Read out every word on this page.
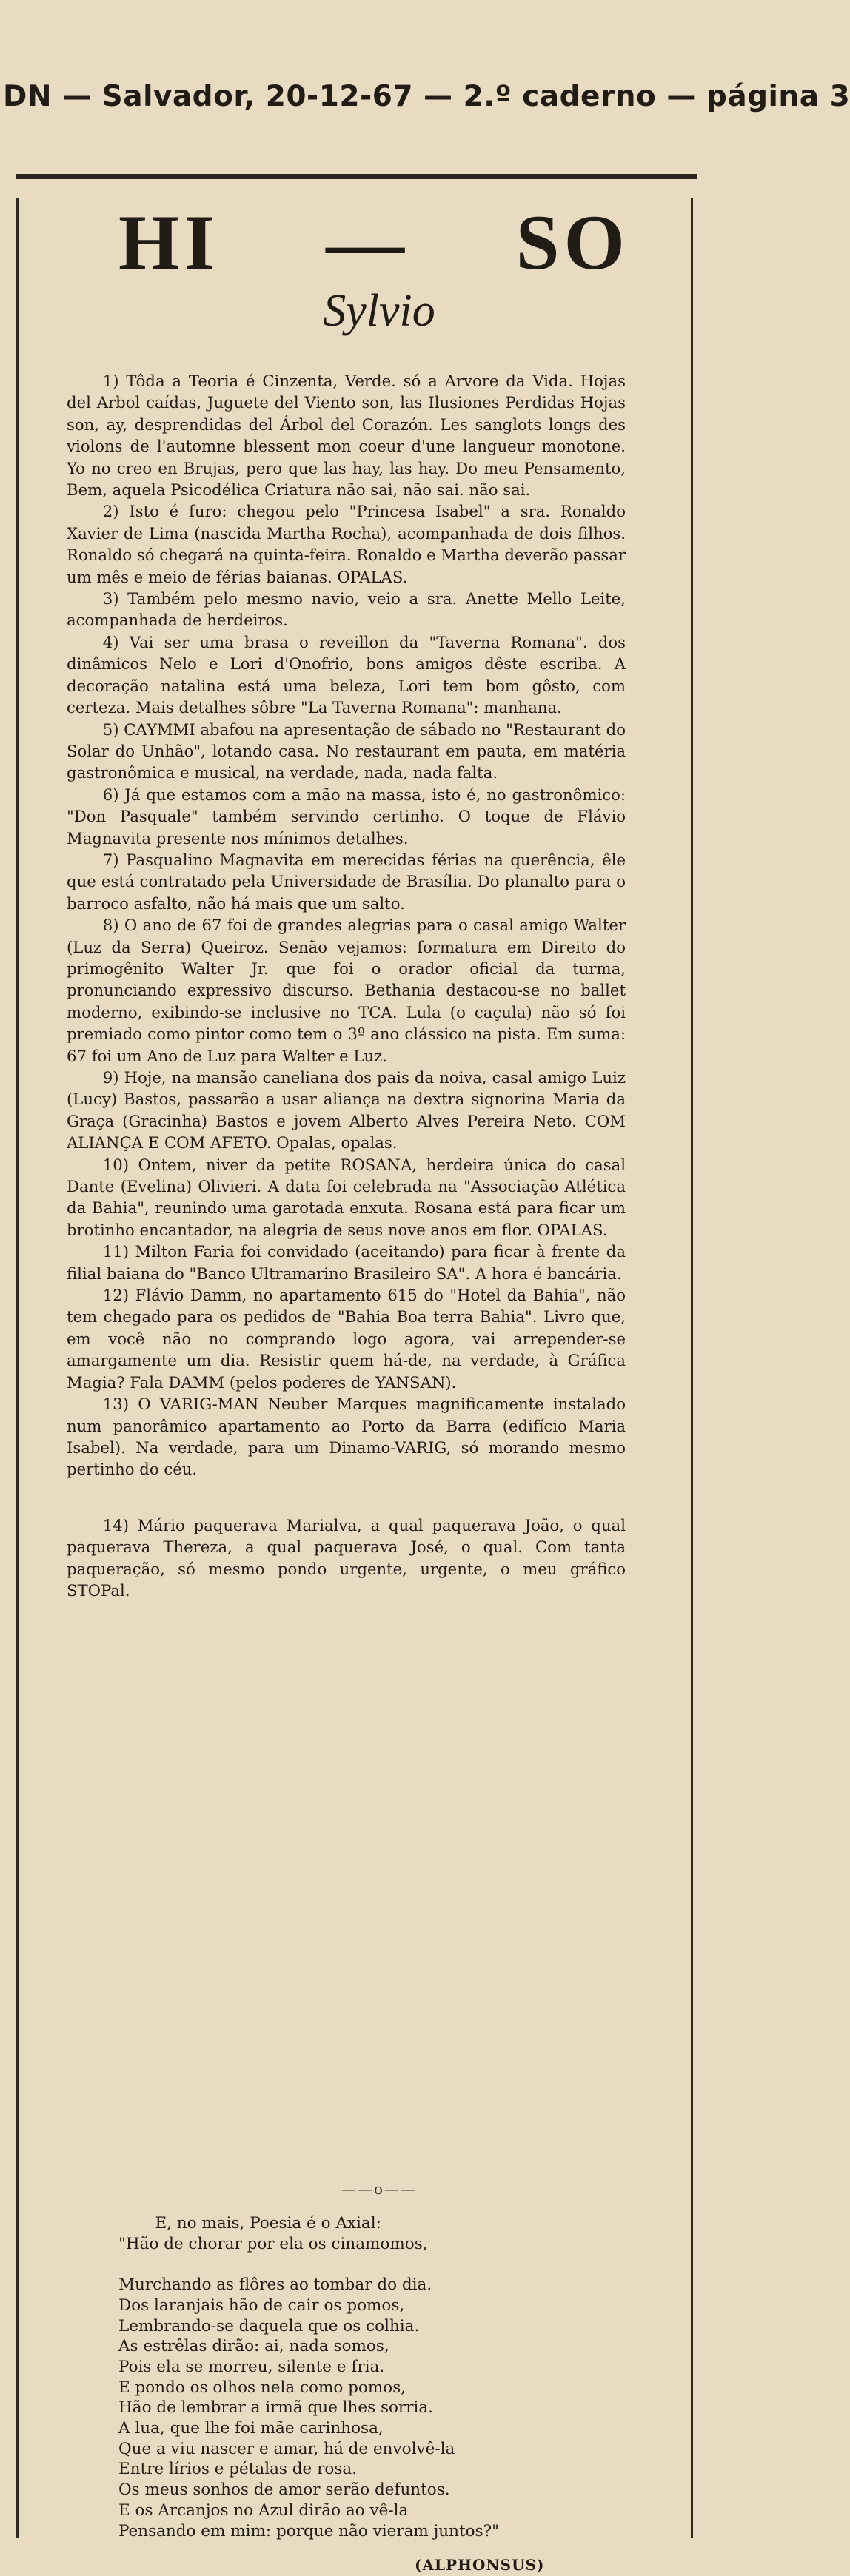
DN — Salvador, 20-12-67 — 2.º caderno — página 3
HI — SO
Sylvio

1) Tôda a Teoria é Cinzenta, Verde. só a Arvore da Vida. Hojas del Arbol caídas, Juguete del Viento son, las Ilusiones Perdidas Hojas son, ay, desprendidas del Árbol del Corazón. Les sanglots longs des violons de l'automne blessent mon coeur d'une langueur monotone. Yo no creo en Brujas, pero que las hay, las hay. Do meu Pensamento, Bem, aquela Psicodélica Criatura não sai, não sai. não sai.

2) Isto é furo: chegou pelo "Princesa Isabel" a sra. Ronaldo Xavier de Lima (nascida Martha Rocha), acompanhada de dois filhos. Ronaldo só chegará na quinta-feira. Ronaldo e Martha deverão passar um mês e meio de férias baianas. OPALAS.

3) Também pelo mesmo navio, veio a sra. Anette Mello Leite, acompanhada de herdeiros.

4) Vai ser uma brasa o reveillon da "Taverna Romana". dos dinâmicos Nelo e Lori d'Onofrio, bons amigos dêste escriba. A decoração natalina está uma beleza, Lori tem bom gôsto, com certeza. Mais detalhes sôbre "La Taverna Romana": manhana.

5) CAYMMI abafou na apresentação de sábado no "Restaurant do Solar do Unhão", lotando casa. No restaurant em pauta, em matéria gastronômica e musical, na verdade, nada, nada falta.

6) Já que estamos com a mão na massa, isto é, no gastronômico: "Don Pasquale" também servindo certinho. O toque de Flávio Magnavita presente nos mínimos detalhes.

7) Pasqualino Magnavita em merecidas férias na querência, êle que está contratado pela Universidade de Brasília. Do planalto para o barroco asfalto, não há mais que um salto.

8) O ano de 67 foi de grandes alegrias para o casal amigo Walter (Luz da Serra) Queiroz. Senão vejamos: formatura em Direito do primogênito Walter Jr. que foi o orador oficial da turma, pronunciando expressivo discurso. Bethania destacou-se no ballet moderno, exibindo-se inclusive no TCA. Lula (o caçula) não só foi premiado como pintor como tem o 3º ano clássico na pista. Em suma: 67 foi um Ano de Luz para Walter e Luz.

9) Hoje, na mansão caneliana dos pais da noiva, casal amigo Luiz (Lucy) Bastos, passarão a usar aliança na dextra signorina Maria da Graça (Gracinha) Bastos e jovem Alberto Alves Pereira Neto. COM ALIANÇA E COM AFETO. Opalas, opalas.

10) Ontem, niver da petite ROSANA, herdeira única do casal Dante (Evelina) Olivieri. A data foi celebrada na "Associação Atlética da Bahia", reunindo uma garotada enxuta. Rosana está para ficar um brotinho encantador, na alegria de seus nove anos em flor. OPALAS.

11) Milton Faria foi convidado (aceitando) para ficar à frente da filial baiana do "Banco Ultramarino Brasileiro SA". A hora é bancária.

12) Flávio Damm, no apartamento 615 do "Hotel da Bahia", não tem chegado para os pedidos de "Bahia Boa terra Bahia". Livro que, em você não no comprando logo agora, vai arrepender-se amargamente um dia. Resistir quem há-de, na verdade, à Gráfica Magia? Fala DAMM (pelos poderes de YANSAN).

13) O VARIG-MAN Neuber Marques magnificamente instalado num panorâmico apartamento ao Porto da Barra (edifício Maria Isabel). Na verdade, para um Dinamo-VARIG, só morando mesmo pertinho do céu.

14) Mário paquerava Marialva, a qual paquerava João, o qual paquerava Thereza, a qual paquerava José, o qual. Com tanta paqueração, só mesmo pondo urgente, urgente, o meu gráfico STOPal.

——o——
E, no mais, Poesia é o Axial:
"Hão de chorar por ela os cinamomos,
Murchando as flôres ao tombar do dia.
Dos laranjais hão de cair os pomos,
Lembrando-se daquela que os colhia.
As estrêlas dirão: ai, nada somos,
Pois ela se morreu, silente e fria.
E pondo os olhos nela como pomos,
Hão de lembrar a irmã que lhes sorria.
A lua, que lhe foi mãe carinhosa,
Que a viu nascer e amar, há de envolvê-la
Entre lírios e pétalas de rosa.
Os meus sonhos de amor serão defuntos.
E os Arcanjos no Azul dirão ao vê-la
Pensando em mim: porque não vieram juntos?"
(ALPHONSUS)
